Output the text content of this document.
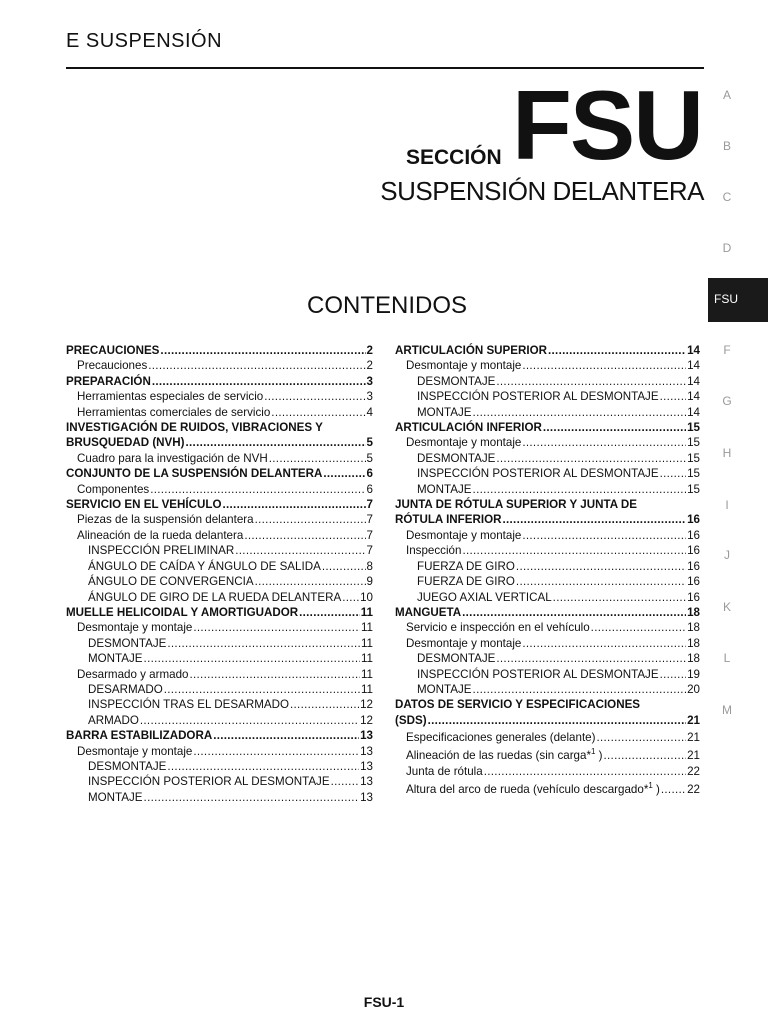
E SUSPENSIÓN
FSU
A
B
C
D
F
G
H
I
J
K
L
M
SECCIÓN FSU
SUSPENSIÓN DELANTERA
CONTENIDOS
PRECAUCIONES .....	2
Precauciones .....	2
PREPARACIÓN .....	3
Herramientas especiales de servicio .....	3
Herramientas comerciales de servicio .....	4
INVESTIGACIÓN DE RUIDOS, VIBRACIONES Y
BRUSQUEDAD (NVH) .....	5
Cuadro para la investigación de NVH .....	5
CONJUNTO DE LA SUSPENSIÓN DELANTERA .....	6
Componentes .....	6
SERVICIO EN EL VEHÍCULO .....	7
Piezas de la suspensión delantera .....	7
Alineación de la rueda delantera .....	7
INSPECCIÓN PRELIMINAR .....	7
ÁNGULO DE CAÍDA Y ÁNGULO DE SALIDA .....	8
ÁNGULO DE CONVERGENCIA .....	9
ÁNGULO DE GIRO DE LA RUEDA DELANTERA ..... 10
MUELLE HELICOIDAL Y AMORTIGUADOR .....	11
Desmontaje y montaje .....	11
DESMONTAJE .....	11
MONTAJE .....	11
Desarmado y armado .....	11
DESARMADO .....	11
INSPECCIÓN TRAS EL DESARMADO .....	12
ARMADO .....	12
BARRA ESTABILIZADORA .....	13
Desmontaje y montaje .....	13
DESMONTAJE .....	13
INSPECCIÓN POSTERIOR AL DESMONTAJE .....	13
MONTAJE .....	13
ARTICULACIÓN SUPERIOR .....	14
Desmontaje y montaje .....	14
DESMONTAJE .....	14
INSPECCIÓN POSTERIOR AL DESMONTAJE ..... 14
MONTAJE .....	14
ARTICULACIÓN INFERIOR .....	15
Desmontaje y montaje .....	15
DESMONTAJE .....	15
INSPECCIÓN POSTERIOR AL DESMONTAJE ..... 15
MONTAJE .....	15
JUNTA DE RÓTULA SUPERIOR Y JUNTA DE
RÓTULA INFERIOR .....	16
Desmontaje y montaje .....	16
Inspección .....	16
FUERZA DE GIRO .....	16
FUERZA DE GIRO .....	16
JUEGO AXIAL VERTICAL .....	16
MANGUETA .....	18
Servicio e inspección en el vehículo .....	18
Desmontaje y montaje .....	18
DESMONTAJE .....	18
INSPECCIÓN POSTERIOR AL DESMONTAJE ..... 19
MONTAJE .....	20
DATOS DE SERVICIO Y ESPECIFICACIONES
(SDS) .....	21
Especificaciones generales (delante) .....	21
Alineación de las ruedas (sin carga*$^1$ ) .....	21
Junta de rótula .....	22
Altura del arco de rueda (vehículo descargado*$^1$ ) ..... 22
FSU-1
